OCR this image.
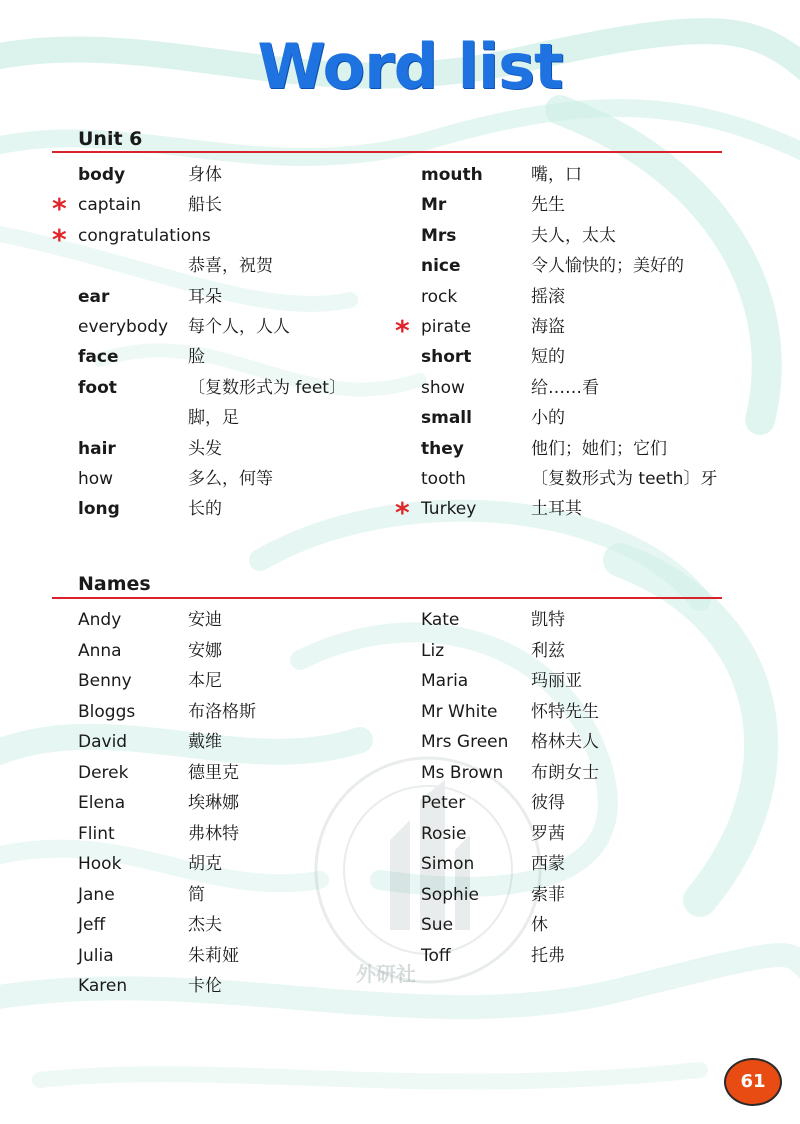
Word list
Unit 6
body	身体
* captain	船长
* congratulations
恭喜，祝贺
ear	耳朵
everybody 每个人，人人
face	脸
foot	〔复数形式为 feet〕
脚，足
hair	头发
how	多么，何等
long	长的
mouth	嘴，口
Mr	先生
Mrs	夫人，太太
nice	令人愉快的；美好的
rock	摇滚
* pirate	海盗
short	短的
show	给……看
small	小的
they	他们；她们；它们
tooth	〔复数形式为 teeth〕牙
* Turkey	土耳其
Names
Andy	安迪
Anna	安娜
Benny	本尼
Bloggs	布洛格斯
David	戴维
Derek	德里克
Elena	埃琳娜
Flint	弗林特
Hook	胡克
Jane	简
Jeff	杰夫
Julia	朱莉娅
Karen	卡伦
Kate	凯特
Liz	利兹
Maria	玛丽亚
Mr White 怀特先生
Mrs Green 格林夫人
Ms Brown 布朗女士
Peter	彼得
Rosie	罗茜
Simon	西蒙
Sophie	索菲
Sue	休
Toff	托弗
外研社
61
